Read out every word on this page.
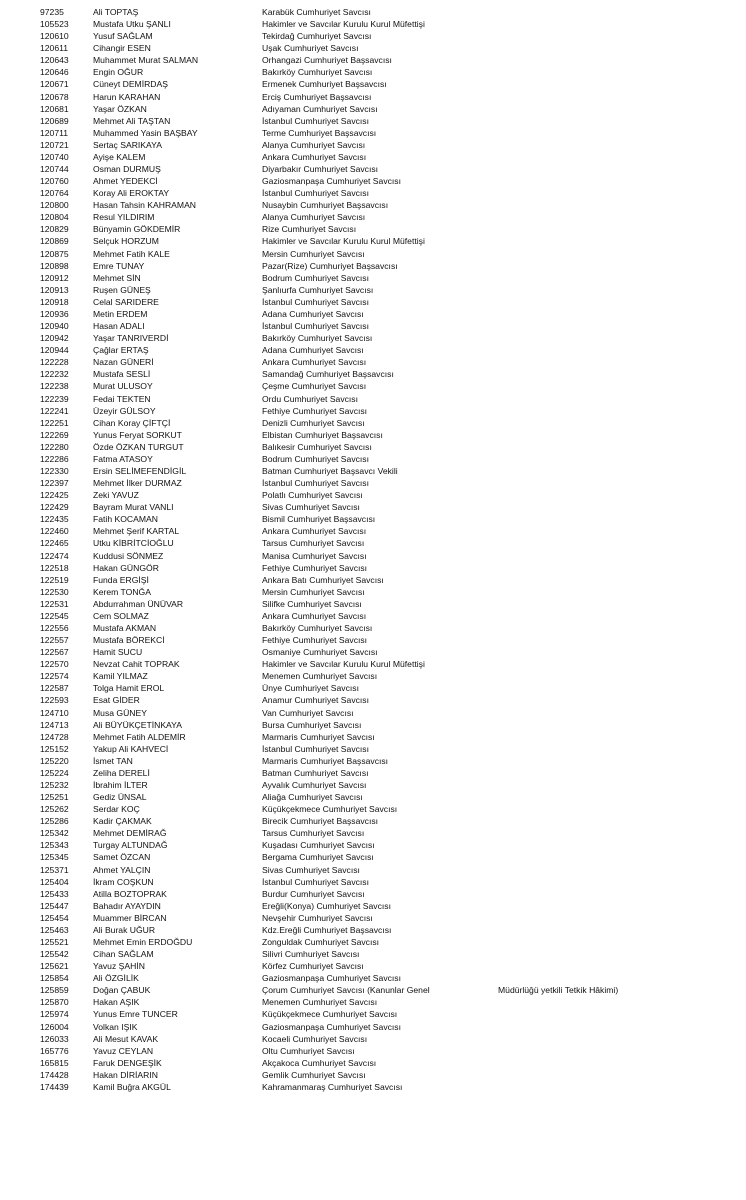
97235	Ali TOPTAŞ	Karabük Cumhuriyet Savcısı
105523	Mustafa Utku ŞANLI	Hakimler ve Savcılar Kurulu Kurul Müfettişi
120610	Yusuf SAĞLAM	Tekirdağ Cumhuriyet Savcısı
120611	Cihangir ESEN	Uşak Cumhuriyet Savcısı
120643	Muhammet Murat SALMAN	Orhangazi Cumhuriyet Başsavcısı
120646	Engin OĞUR	Bakırköy Cumhuriyet Savcısı
120671	Cüneyt DEMİRDAŞ	Ermenek Cumhuriyet Başsavcısı
120678	Harun KARAHAN	Erciş Cumhuriyet Başsavcısı
120681	Yaşar ÖZKAN	Adıyaman Cumhuriyet Savcısı
120689	Mehmet Ali TAŞTAN	İstanbul Cumhuriyet Savcısı
120711	Muhammed Yasin BAŞBAY	Terme Cumhuriyet Başsavcısı
120721	Sertaç SARIKAYA	Alanya Cumhuriyet Savcısı
120740	Ayişe KALEM	Ankara Cumhuriyet Savcısı
120744	Osman DURMUŞ	Diyarbakır Cumhuriyet Savcısı
120760	Ahmet YEDEKCİ	Gaziosmanpaşa Cumhuriyet Savcısı
120764	Koray Ali EROKTAY	İstanbul Cumhuriyet Savcısı
120800	Hasan Tahsin KAHRAMAN	Nusaybin Cumhuriyet Başsavcısı
120804	Resul YILDIRIM	Alanya Cumhuriyet Savcısı
120829	Bünyamin GÖKDEMİR	Rize Cumhuriyet Savcısı
120869	Selçuk HORZUM	Hakimler ve Savcılar Kurulu Kurul Müfettişi
120875	Mehmet Fatih KALE	Mersin Cumhuriyet Savcısı
120898	Emre TUNAY	Pazar(Rize) Cumhuriyet Başsavcısı
120912	Mehmet SİN	Bodrum Cumhuriyet Savcısı
120913	Ruşen GÜNEŞ	Şanlıurfa Cumhuriyet Savcısı
120918	Celal SARIDERE	İstanbul Cumhuriyet Savcısı
120936	Metin ERDEM	Adana Cumhuriyet Savcısı
120940	Hasan ADALI	İstanbul Cumhuriyet Savcısı
120942	Yaşar TANRIVERDİ	Bakırköy Cumhuriyet Savcısı
120944	Çağlar ERTAŞ	Adana Cumhuriyet Savcısı
122228	Nazan GÜNERİ	Ankara Cumhuriyet Savcısı
122232	Mustafa SESLİ	Samandağ Cumhuriyet Başsavcısı
122238	Murat ULUSOY	Çeşme Cumhuriyet Savcısı
122239	Fedai TEKTEN	Ordu Cumhuriyet Savcısı
122241	Üzeyir GÜLSOY	Fethiye Cumhuriyet Savcısı
122251	Cihan Koray ÇİFTÇİ	Denizli Cumhuriyet Savcısı
122269	Yunus Feryat SORKUT	Elbistan Cumhuriyet Başsavcısı
122280	Özde ÖZKAN TURGUT	Balıkesir Cumhuriyet Savcısı
122286	Fatma ATASOY	Bodrum Cumhuriyet Savcısı
122330	Ersin SELİMEFENDİGİL	Batman Cumhuriyet Başsavcı Vekili
122397	Mehmet İlker DURMAZ	İstanbul Cumhuriyet Savcısı
122425	Zeki YAVUZ	Polatlı Cumhuriyet Savcısı
122429	Bayram Murat VANLI	Sivas Cumhuriyet Savcısı
122435	Fatih KOCAMAN	Bismil Cumhuriyet Başsavcısı
122460	Mehmet Şerif KARTAL	Ankara Cumhuriyet Savcısı
122465	Utku KİBRİTCİOĞLU	Tarsus Cumhuriyet Savcısı
122474	Kuddusi SÖNMEZ	Manisa Cumhuriyet Savcısı
122518	Hakan GÜNGÖR	Fethiye Cumhuriyet Savcısı
122519	Funda ERGİŞİ	Ankara Batı Cumhuriyet Savcısı
122530	Kerem TONĞA	Mersin Cumhuriyet Savcısı
122531	Abdurrahman ÜNÜVAR	Silifke Cumhuriyet Savcısı
122545	Cem SOLMAZ	Ankara Cumhuriyet Savcısı
122556	Mustafa AKMAN	Bakırköy Cumhuriyet Savcısı
122557	Mustafa BÖREKCİ	Fethiye Cumhuriyet Savcısı
122567	Hamit SUCU	Osmaniye Cumhuriyet Savcısı
122570	Nevzat Cahit TOPRAK	Hakimler ve Savcılar Kurulu Kurul Müfettişi
122574	Kamil YILMAZ	Menemen Cumhuriyet Savcısı
122587	Tolga Hamit EROL	Ünye Cumhuriyet Savcısı
122593	Esat GİDER	Anamur Cumhuriyet Savcısı
124710	Musa GÜNEY	Van Cumhuriyet Savcısı
124713	Ali BÜYÜKÇETİNKAYA	Bursa Cumhuriyet Savcısı
124728	Mehmet Fatih ALDEMİR	Marmaris Cumhuriyet Savcısı
125152	Yakup Ali KAHVECİ	İstanbul Cumhuriyet Savcısı
125220	İsmet TAN	Marmaris Cumhuriyet Başsavcısı
125224	Zeliha DERELİ	Batman Cumhuriyet Savcısı
125232	İbrahim İLTER	Ayvalık Cumhuriyet Savcısı
125251	Gediz ÜNSAL	Aliağa Cumhuriyet Savcısı
125262	Serdar KOÇ	Küçükçekmece Cumhuriyet Savcısı
125286	Kadir ÇAKMAK	Birecik Cumhuriyet Başsavcısı
125342	Mehmet DEMİRAĞ	Tarsus Cumhuriyet Savcısı
125343	Turgay ALTUNDAĞ	Kuşadası Cumhuriyet Savcısı
125345	Samet ÖZCAN	Bergama Cumhuriyet Savcısı
125371	Ahmet YALÇIN	Sivas Cumhuriyet Savcısı
125404	İkram COŞKUN	İstanbul Cumhuriyet Savcısı
125433	Atilla BOZTOPRAK	Burdur Cumhuriyet Savcısı
125447	Bahadır AYAYDIN	Ereğli(Konya) Cumhuriyet Savcısı
125454	Muammer BİRCAN	Nevşehir Cumhuriyet Savcısı
125463	Ali Burak UĞUR	Kdz.Ereğli Cumhuriyet Başsavcısı
125521	Mehmet Emin ERDOĞDU	Zonguldak Cumhuriyet Savcısı
125542	Cihan SAĞLAM	Silivri Cumhuriyet Savcısı
125621	Yavuz ŞAHİN	Körfez Cumhuriyet Savcısı
125854	Ali ÖZGİLİK	Gaziosmanpaşa Cumhuriyet Savcısı
125859	Doğan ÇABUK	Çorum Cumhuriyet Savcısı (Kanunlar Genel	Müdürlüğü yetkili Tetkik Hâkimi)
125870	Hakan AŞIK	Menemen Cumhuriyet Savcısı
125974	Yunus Emre TUNCER	Küçükçekmece Cumhuriyet Savcısı
126004	Volkan IŞIK	Gaziosmanpaşa Cumhuriyet Savcısı
126033	Ali Mesut KAVAK	Kocaeli Cumhuriyet Savcısı
165776	Yavuz CEYLAN	Oltu Cumhuriyet Savcısı
165815	Faruk DENGEŞİK	Akçakoca Cumhuriyet Savcısı
174428	Hakan DİRİARIN	Gemlik Cumhuriyet Savcısı
174439	Kamil Buğra AKGÜL	Kahramanmaraş Cumhuriyet Savcısı
